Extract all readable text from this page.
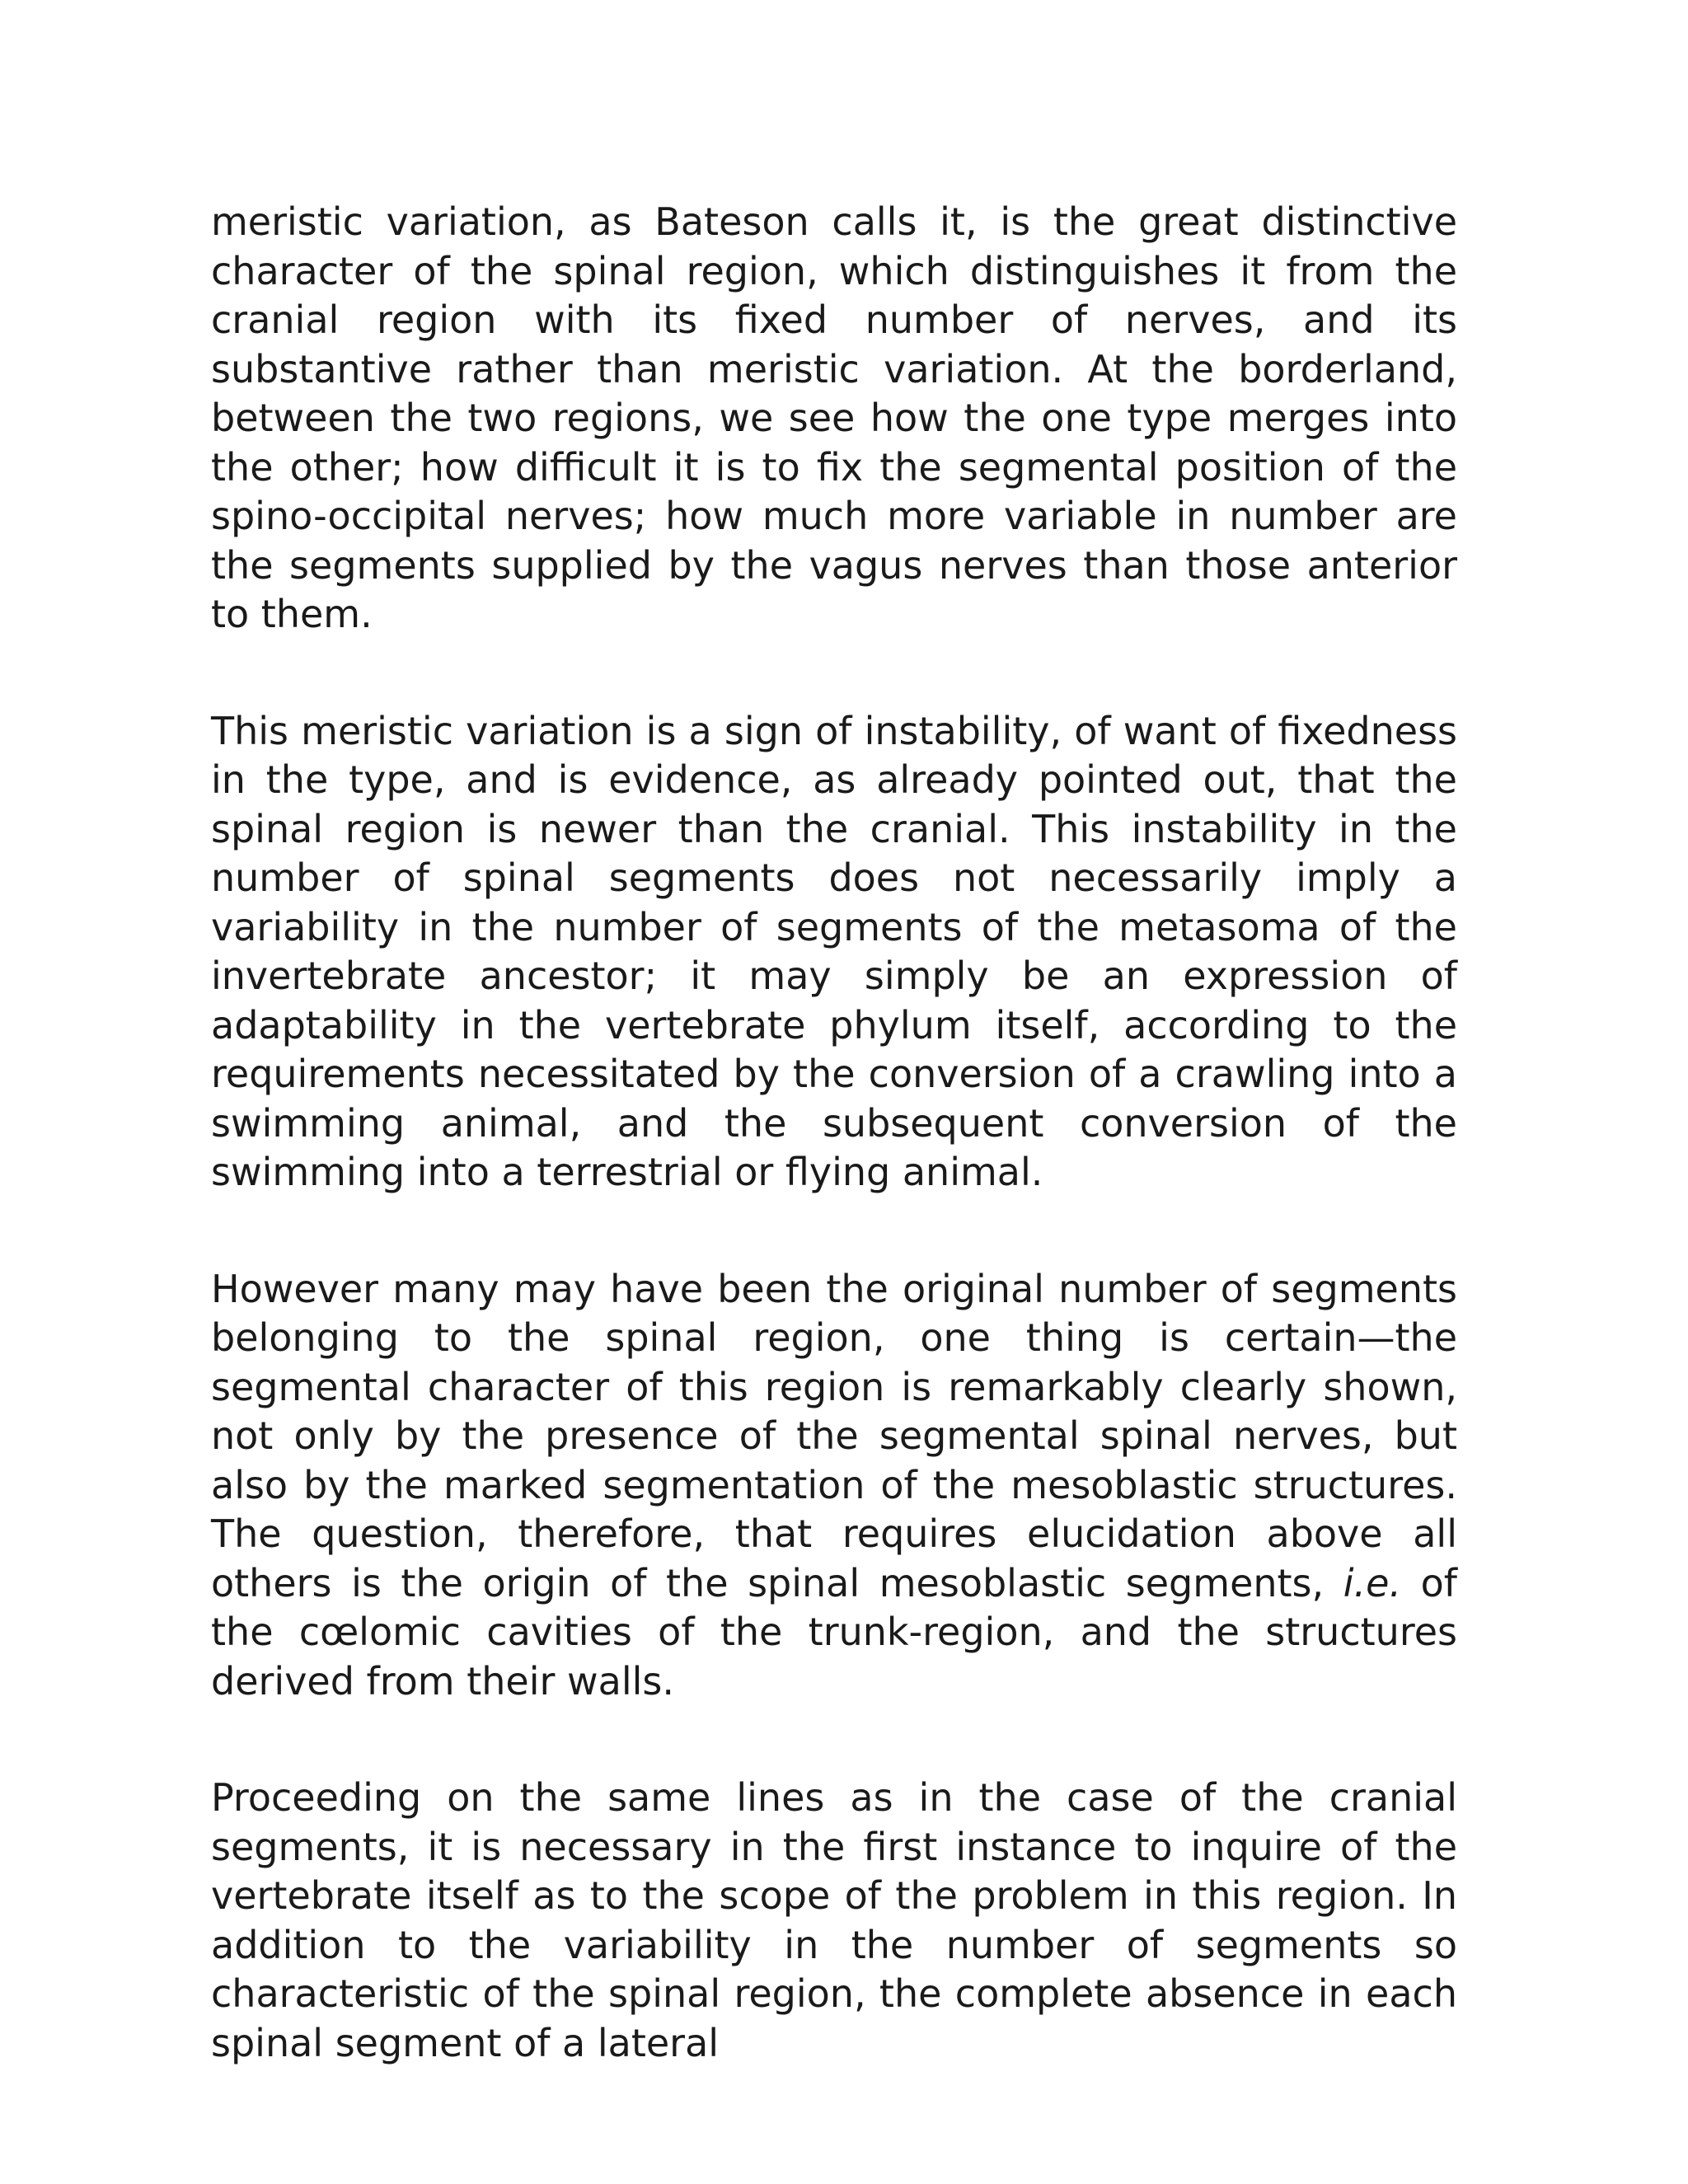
meristic variation, as Bateson calls it, is the great distinctive character of the spinal region, which distinguishes it from the cranial region with its fixed number of nerves, and its substantive rather than meristic variation. At the borderland, between the two regions, we see how the one type merges into the other; how difficult it is to fix the segmental position of the spino-occipital nerves; how much more variable in number are the segments supplied by the vagus nerves than those anterior to them.

This meristic variation is a sign of instability, of want of fixedness in the type, and is evidence, as already pointed out, that the spinal region is newer than the cranial. This instability in the number of spinal segments does not necessarily imply a variability in the number of segments of the metasoma of the invertebrate ancestor; it may simply be an expression of adaptability in the vertebrate phylum itself, according to the requirements necessitated by the conversion of a crawling into a swimming animal, and the subsequent conversion of the swimming into a terrestrial or flying animal.

However many may have been the original number of segments belonging to the spinal region, one thing is certain—the segmental character of this region is remarkably clearly shown, not only by the presence of the segmental spinal nerves, but also by the marked segmentation of the mesoblastic structures. The question, therefore, that requires elucidation above all others is the origin of the spinal mesoblastic segments, i.e. of the cœlomic cavities of the trunk-region, and the structures derived from their walls.

Proceeding on the same lines as in the case of the cranial segments, it is necessary in the first instance to inquire of the vertebrate itself as to the scope of the problem in this region. In addition to the variability in the number of segments so characteristic of the spinal region, the complete absence in each spinal segment of a lateral
